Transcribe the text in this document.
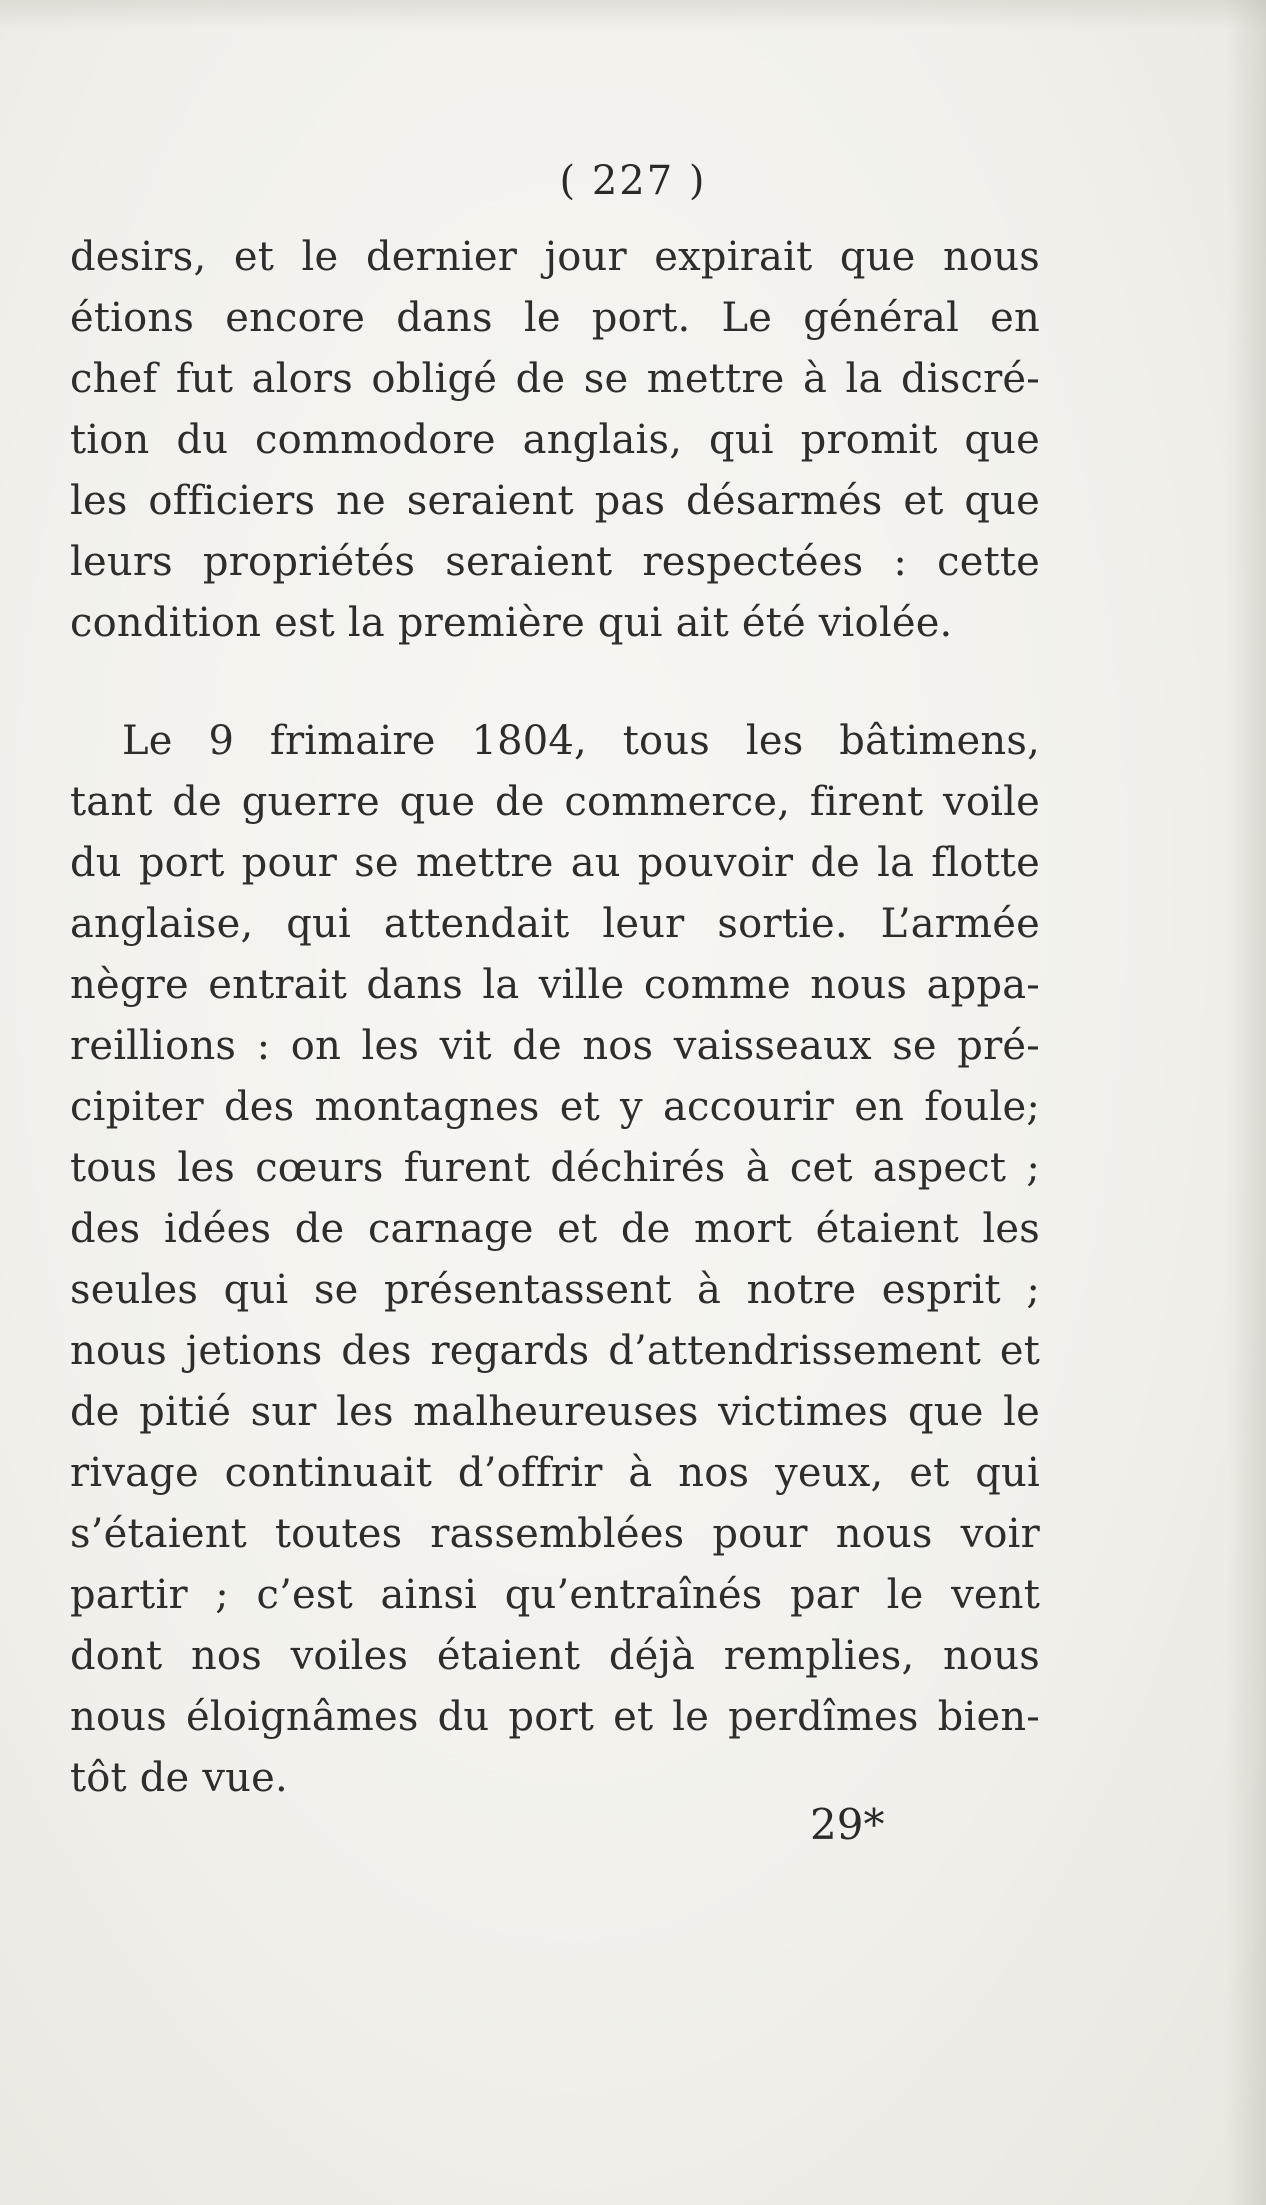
( 227 )
desirs, et le dernier jour expirait que nous
étions encore dans le port. Le général en
chef fut alors obligé de se mettre à la discré-
tion du commodore anglais, qui promit que
les officiers ne seraient pas désarmés et que
leurs propriétés seraient respectées : cette
condition est la première qui ait été violée.
Le 9 frimaire 1804, tous les bâtimens,
tant de guerre que de commerce, firent voile
du port pour se mettre au pouvoir de la flotte
anglaise, qui attendait leur sortie. L’armée
nègre entrait dans la ville comme nous appa-
reillions : on les vit de nos vaisseaux se pré-
cipiter des montagnes et y accourir en foule;
tous les cœurs furent déchirés à cet aspect ;
des idées de carnage et de mort étaient les
seules qui se présentassent à notre esprit ;
nous jetions des regards d’attendrissement et
de pitié sur les malheureuses victimes que le
rivage continuait d’offrir à nos yeux, et qui
s’étaient toutes rassemblées pour nous voir
partir ; c’est ainsi qu’entraînés par le vent
dont nos voiles étaient déjà remplies, nous
nous éloignâmes du port et le perdîmes bien-
tôt de vue.
29*
